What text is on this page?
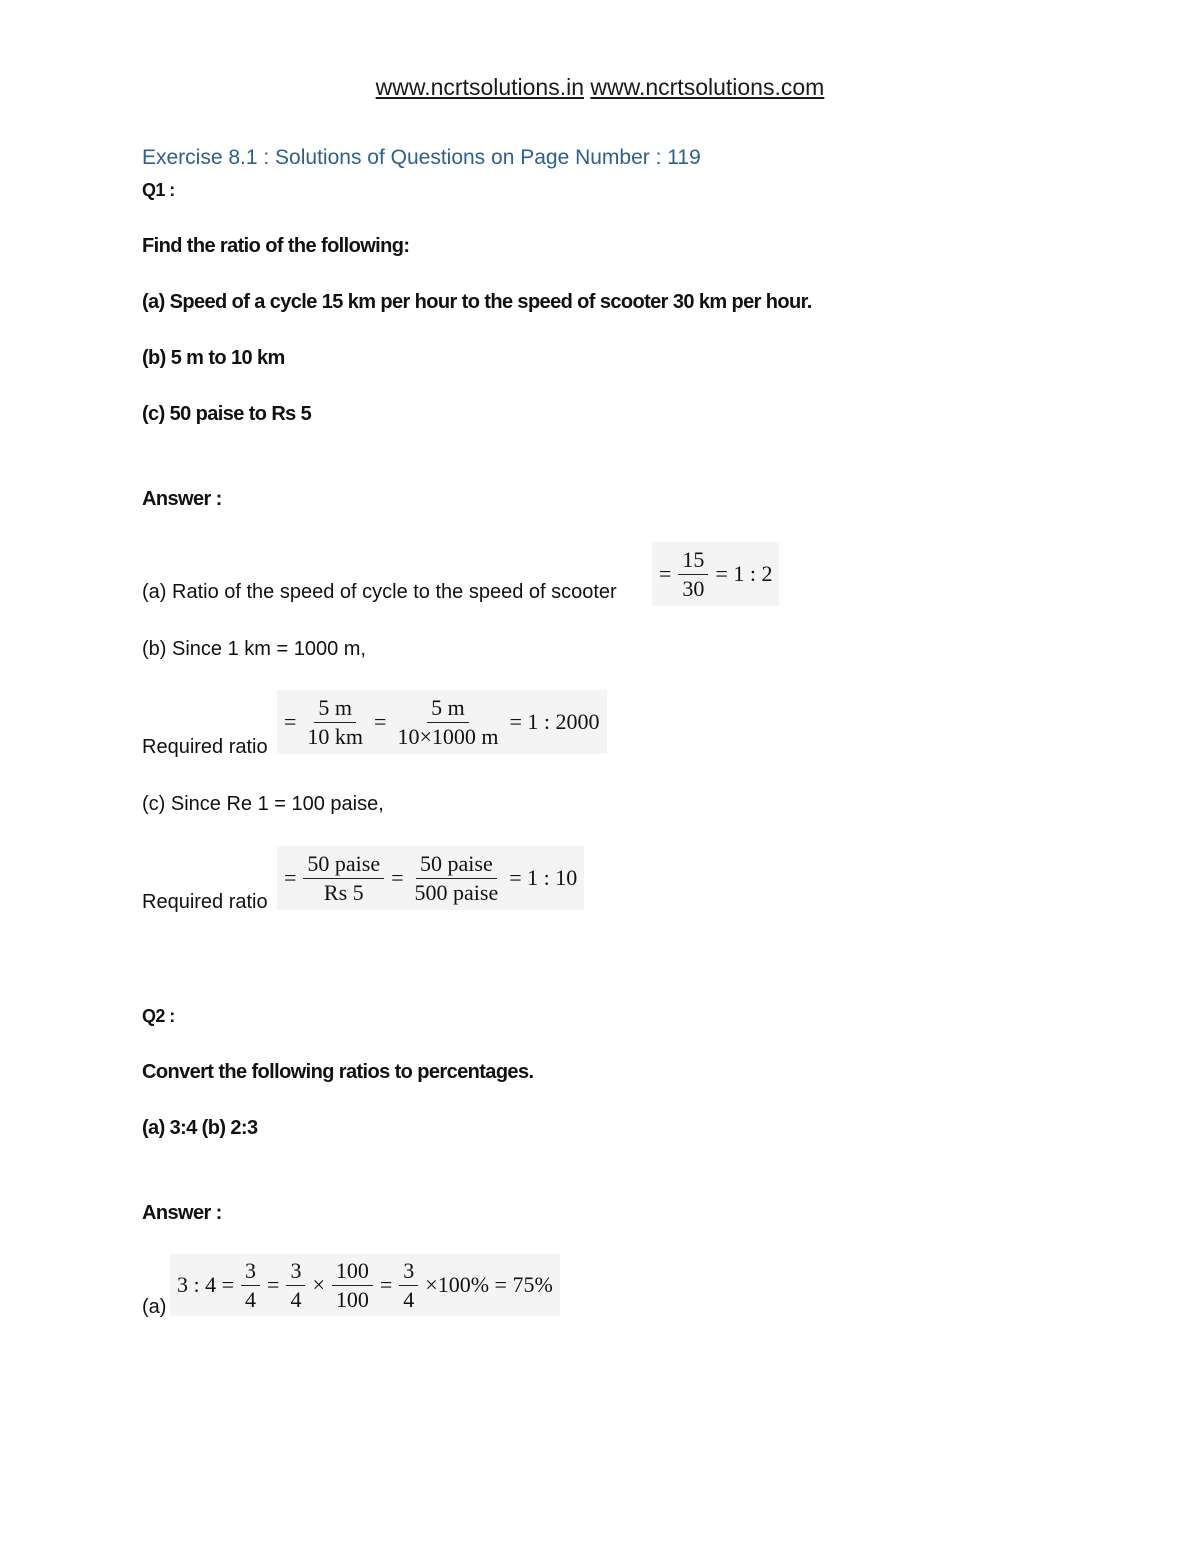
www.ncrtsolutions.in www.ncrtsolutions.com
Exercise 8.1 : Solutions of Questions on Page Number : 119
Q1 :
Find the ratio of the following:
(a) Speed of a cycle 15 km per hour to the speed of scooter 30 km per hour.
(b) 5 m to 10 km
(c) 50 paise to Rs 5
Answer :
(a) Ratio of the speed of cycle to the speed of scooter
= $\frac{15}{30} = 1$ : 2
(b) Since 1 km = 1000 m,
Required ratio
= $\frac{5 m}{10 km} = \frac{5 m}{10\times 1000 m} = 1$ : 2000
(c) Since Re 1 = 100 paise,
Required ratio
= $\frac{\text{50 paise}}{Rs 5} = \frac{\text{50 paise}}{\text{500 paise}} = 1$ : 10
Q2 :
Convert the following ratios to percentages.
(a) 3:4 (b) 2:3
Answer :
(a)
3 : $4 = \frac{3}{4} = \frac{3}{4} \times \frac{100}{100} = \frac{3}{4} \times 100\% = 75\%$
